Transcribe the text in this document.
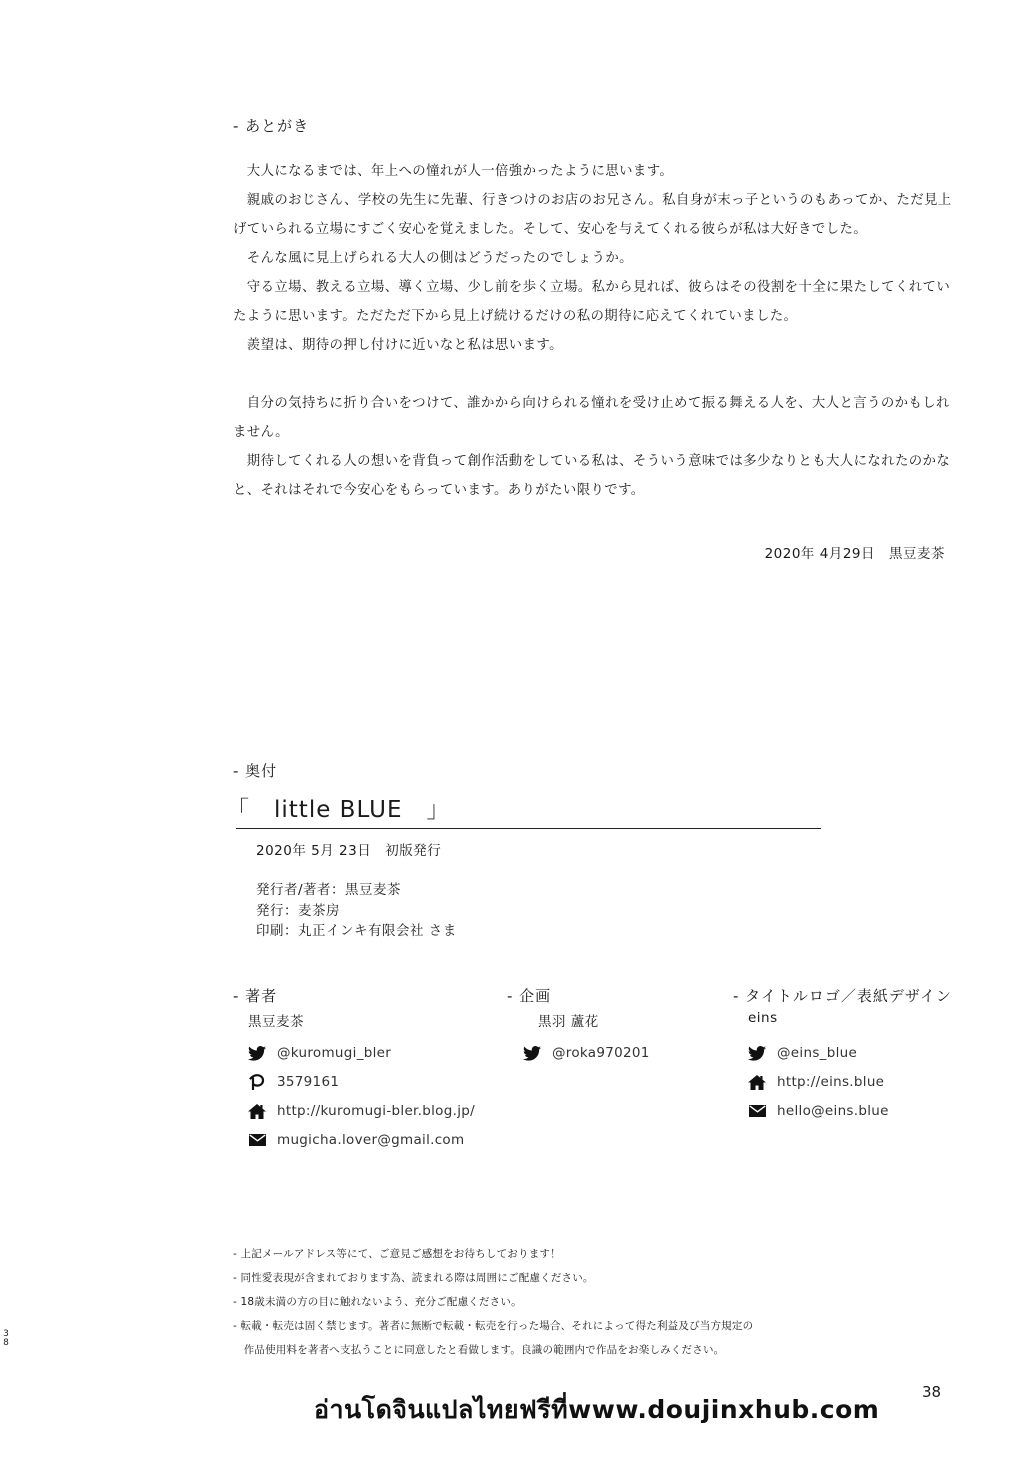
- あとがき

　大人になるまでは、年上への憧れが人一倍強かったように思います。

　親戚のおじさん、学校の先生に先輩、行きつけのお店のお兄さん。私自身が末っ子というのもあってか、ただ見上げていられる立場にすごく安心を覚えました。そして、安心を与えてくれる彼らが私は大好きでした。

　そんな風に見上げられる大人の側はどうだったのでしょうか。

　守る立場、教える立場、導く立場、少し前を歩く立場。私から見れば、彼らはその役割を十全に果たしてくれていたように思います。ただただ下から見上げ続けるだけの私の期待に応えてくれていました。

　羨望は、期待の押し付けに近いなと私は思います。

　自分の気持ちに折り合いをつけて、誰かから向けられる憧れを受け止めて振る舞える人を、大人と言うのかもしれません。

　期待してくれる人の想いを背負って創作活動をしている私は、そういう意味では多少なりとも大人になれたのかなと、それはそれで今安心をもらっています。ありがたい限りです。

2020年 4月29日　黒豆麦茶
- 奥付
「　little BLUE　」
2020年 5月 23日　初版発行
発行者/著者：黒豆麦茶
発行：麦茶房
印刷：丸正インキ有限会社 さま
- 著者
黒豆麦茶
@kuromugi_bler
3579161
http://kuromugi-bler.blog.jp/
mugicha.lover@gmail.com
- 企画
黒羽 蘆花
@roka970201
- タイトルロゴ／表紙デザイン
eins
@eins_blue
http://eins.blue
hello@eins.blue
- 上記メールアドレス等にて、ご意見ご感想をお待ちしております！
- 同性愛表現が含まれております為、読まれる際は周囲にご配慮ください。
- 18歳未満の方の目に触れないよう、充分ご配慮ください。
- 転載・転売は固く禁じます。著者に無断で転載・転売を行った場合、それによって得た利益及び当方規定の
　作品使用料を著者へ支払うことに同意したと看做します。良識の範囲内で作品をお楽しみください。
3
8
38
อ่านโดจินแปลไทยฟรีที่www.doujinxhub.com
